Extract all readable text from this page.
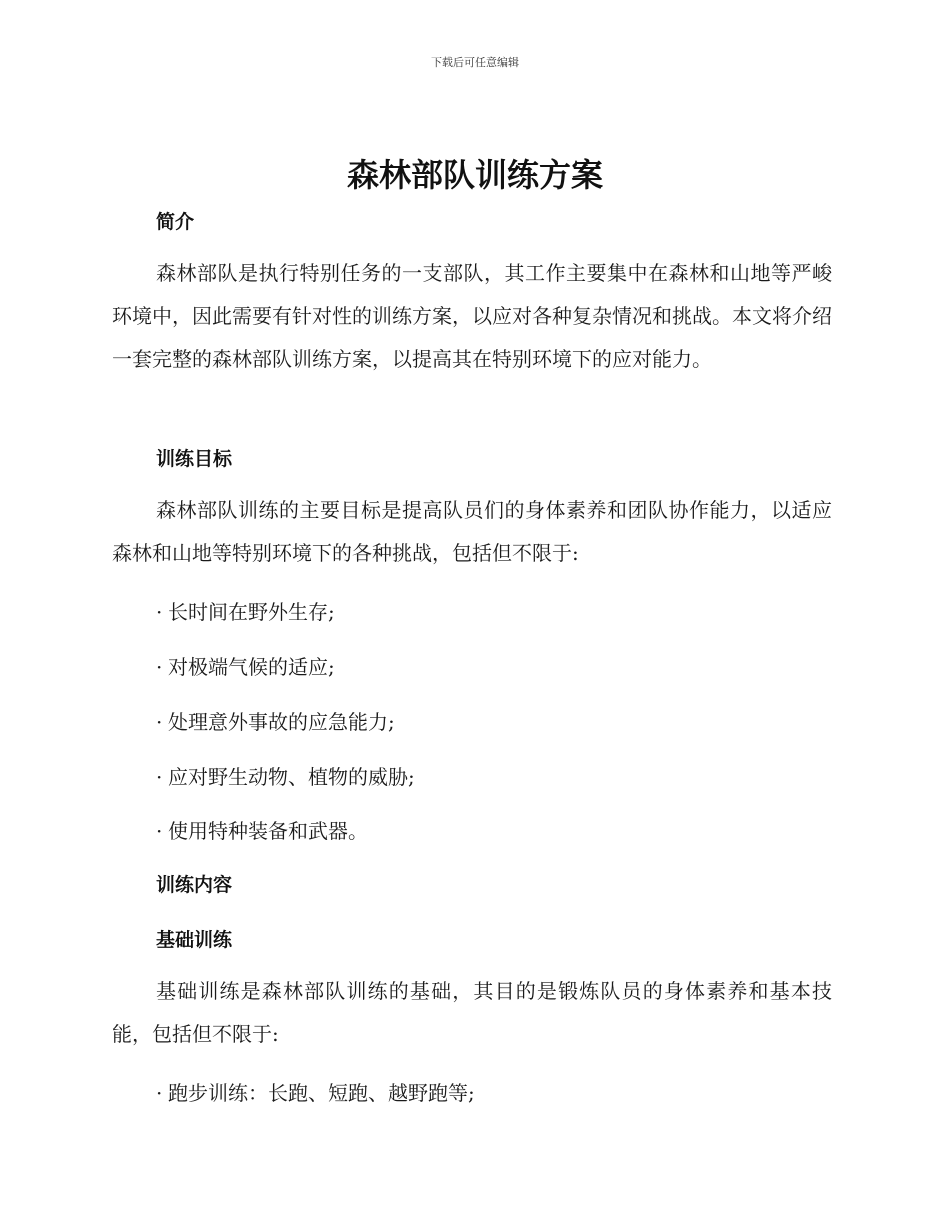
下载后可任意编辑
森林部队训练方案
简介
森林部队是执行特别任务的一支部队，其工作主要集中在森林和山地等严峻环境中，因此需要有针对性的训练方案，以应对各种复杂情况和挑战。本文将介绍一套完整的森林部队训练方案，以提高其在特别环境下的应对能力。
训练目标
森林部队训练的主要目标是提高队员们的身体素养和团队协作能力，以适应森林和山地等特别环境下的各种挑战，包括但不限于:
· 长时间在野外生存;
· 对极端气候的适应;
· 处理意外事故的应急能力;
· 应对野生动物、植物的威胁;
· 使用特种装备和武器。
训练内容
基础训练
基础训练是森林部队训练的基础，其目的是锻炼队员的身体素养和基本技能，包括但不限于:
· 跑步训练：长跑、短跑、越野跑等;
